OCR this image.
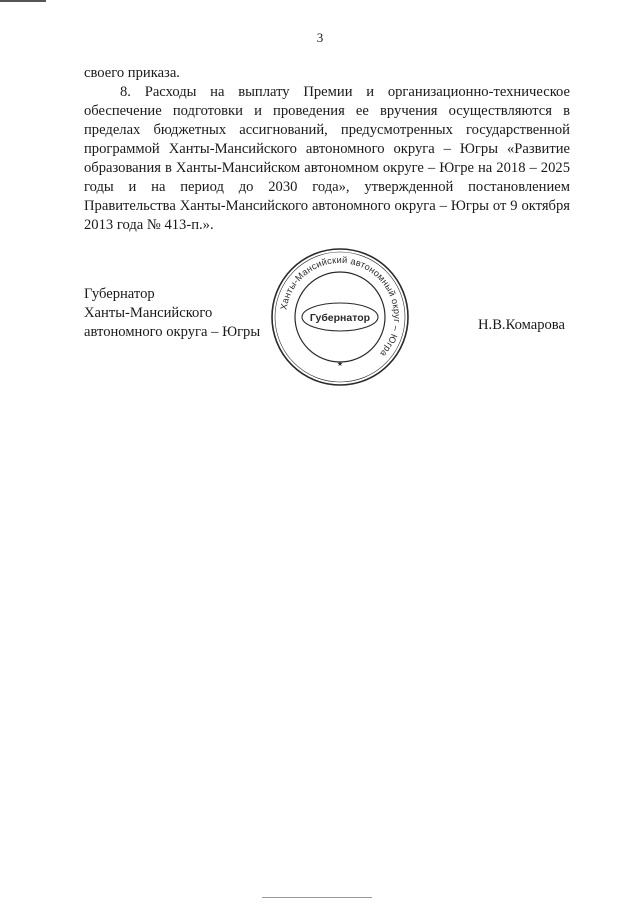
3

своего приказа.

8. Расходы на выплату Премии и организационно-техническое обеспечение подготовки и проведения ее вручения осуществляются в пределах бюджетных ассигнований, предусмотренных государственной программой Ханты-Мансийского автономного округа – Югры «Развитие образования в Ханты-Мансийском автономном округе – Югре на 2018 – 2025 годы и на период до 2030 года», утвержденной постановлением Правительства Ханты-Мансийского автономного округа – Югры от 9 октября 2013 года № 413-п.».

Губернатор
Ханты-Мансийского
автономного округа – Югры
Ханты-Мансийский автономный округ – Югра
Губернатор
★
Н.В.Комарова
